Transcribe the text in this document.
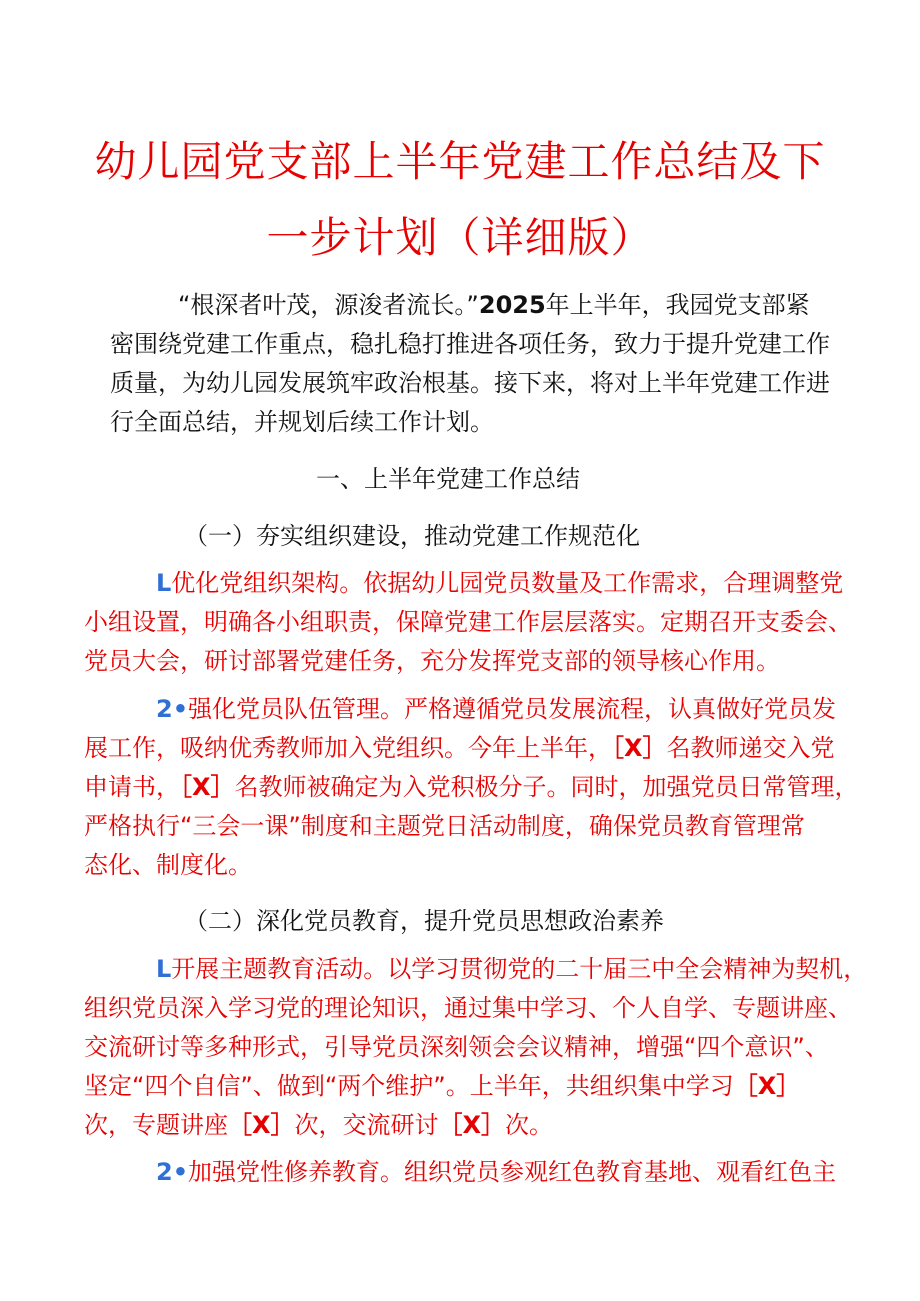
幼儿园党支部上半年党建工作总结及下
一步计划（详细版）
“根深者叶茂，源浚者流长。”2025年上半年，我园党支部紧
密围绕党建工作重点，稳扎稳打推进各项任务，致力于提升党建工作
质量，为幼儿园发展筑牢政治根基。接下来，将对上半年党建工作进
行全面总结，并规划后续工作计划。
一、上半年党建工作总结
（一）夯实组织建设，推动党建工作规范化
L优化党组织架构。依据幼儿园党员数量及工作需求，合理调整党
小组设置，明确各小组职责，保障党建工作层层落实。定期召开支委会、
党员大会，研讨部署党建任务，充分发挥党支部的领导核心作用。
2•强化党员队伍管理。严格遵循党员发展流程，认真做好党员发
展工作，吸纳优秀教师加入党组织。今年上半年，［X］名教师递交入党
申请书，［X］名教师被确定为入党积极分子。同时，加强党员日常管理，
严格执行“三会一课”制度和主题党日活动制度，确保党员教育管理常
态化、制度化。
（二）深化党员教育，提升党员思想政治素养
L开展主题教育活动。以学习贯彻党的二十届三中全会精神为契机，
组织党员深入学习党的理论知识，通过集中学习、个人自学、专题讲座、
交流研讨等多种形式，引导党员深刻领会会议精神，增强“四个意识”、
坚定“四个自信”、做到“两个维护”。上半年，共组织集中学习［X］
次，专题讲座［X］次，交流研讨［X］次。
2•加强党性修养教育。组织党员参观红色教育基地、观看红色主
